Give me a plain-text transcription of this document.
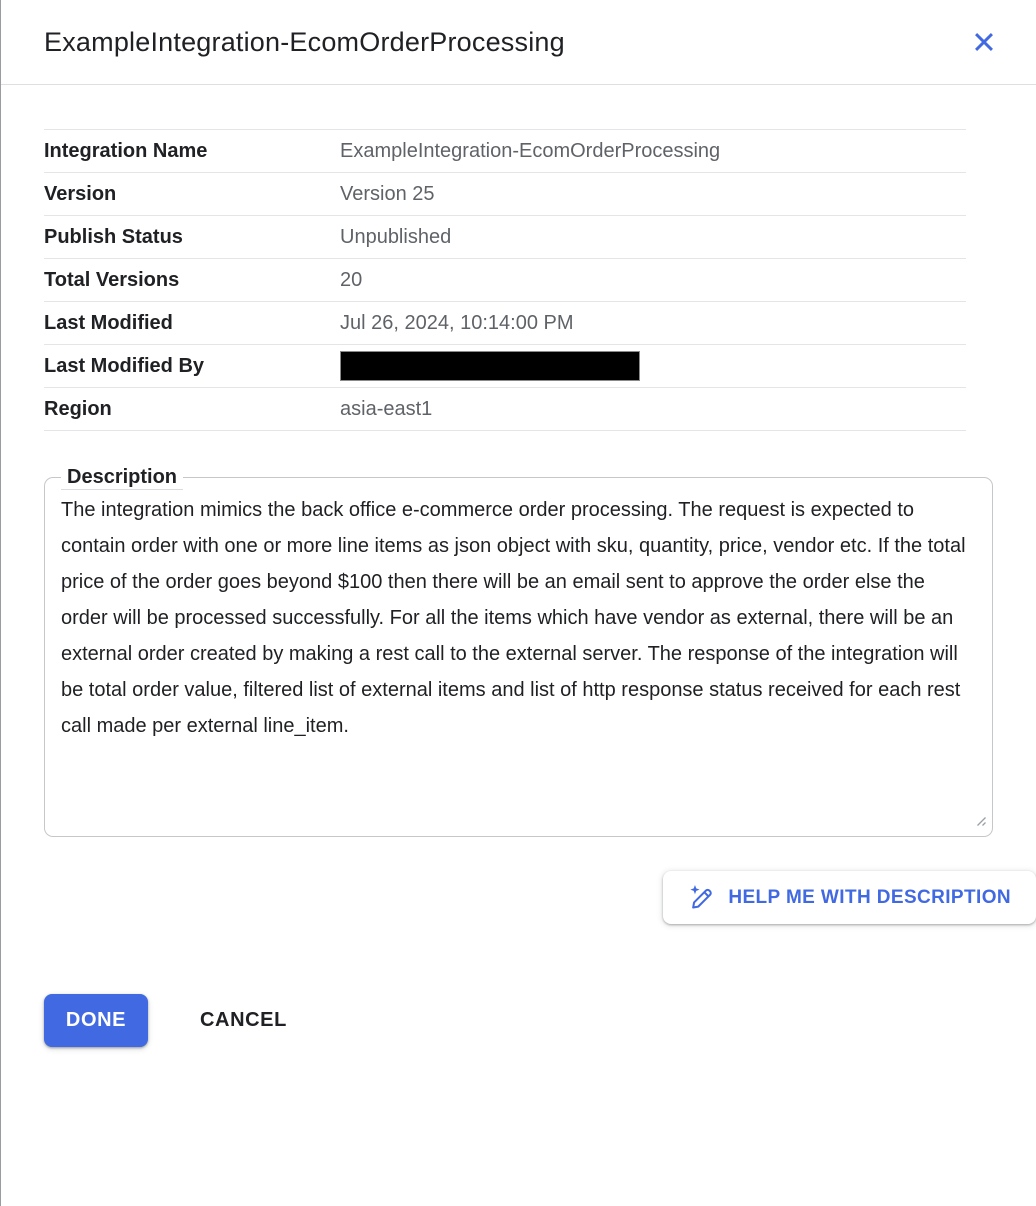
ExampleIntegration-EcomOrderProcessing
Integration Name	ExampleIntegration-EcomOrderProcessing
Version	Version 25
Publish Status	Unpublished
Total Versions	20
Last Modified	Jul 26, 2024, 10:14:00 PM
Last Modified By	
Region	asia-east1
Description
The integration mimics the back office e-commerce order processing. The request is expected to contain order with one or more line items as json object with sku, quantity, price, vendor etc. If the total price of the order goes beyond $100 then there will be an email sent to approve the order else the order will be processed successfully. For all the items which have vendor as external, there will be an external order created by making a rest call to the external server. The response of the integration will be total order value, filtered list of external items and list of http response status received for each rest call made per external line_item.
HELP ME WITH DESCRIPTION
DONE	CANCEL
